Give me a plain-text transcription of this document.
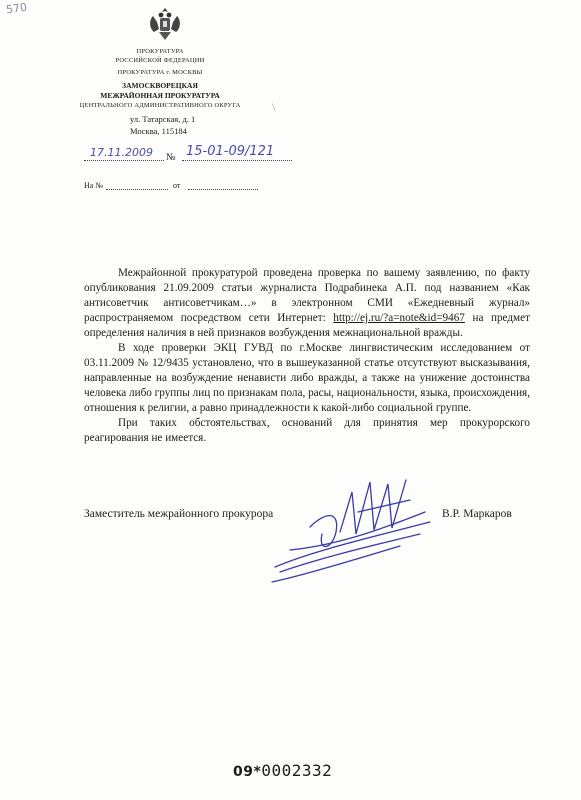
570
\
ПРОКУРАТУРА
РОССИЙСКОЙ ФЕДЕРАЦИИ
ПРОКУРАТУРА г. МОСКВЫ
ЗАМОСКВОРЕЦКАЯ
МЕЖРАЙОННАЯ ПРОКУРАТУРА
ЦЕНТРАЛЬНОГО АДМИНИСТРАТИВНОГО ОКРУГА
ул. Татарская, д. 1
Москва, 115184
17.11.2009 № 15-01-09/121
На №	от

Межрайонной прокуратурой проведена проверка по вашему заявлению, по факту опубликования 21.09.2009 статьи журналиста Подрабинека А.П. под названием «Как антисоветчик антисоветчикам…» в электронном СМИ «Ежедневный журнал» распространяемом посредством сети Интернет: http://ej.ru/?a=note&id=9467 на предмет определения наличия в ней признаков возбуждения межнациональной вражды.

В ходе проверки ЭКЦ ГУВД по г.Москве лингвистическим исследованием от 03.11.2009 № 12/9435 установлено, что в вышеуказанной статье отсутствуют высказывания, направленные на возбуждение ненависти либо вражды, а также на унижение достоинства человека либо группы лиц по признакам пола, расы, национальности, языка, происхождения, отношения к религии, а равно принадлежности к какой-либо социальной группе.

При таких обстоятельствах, оснований для принятия мер прокурорского реагирования не имеется.

Заместитель межрайонного прокурора	В.Р. Маркаров
09*0002332
